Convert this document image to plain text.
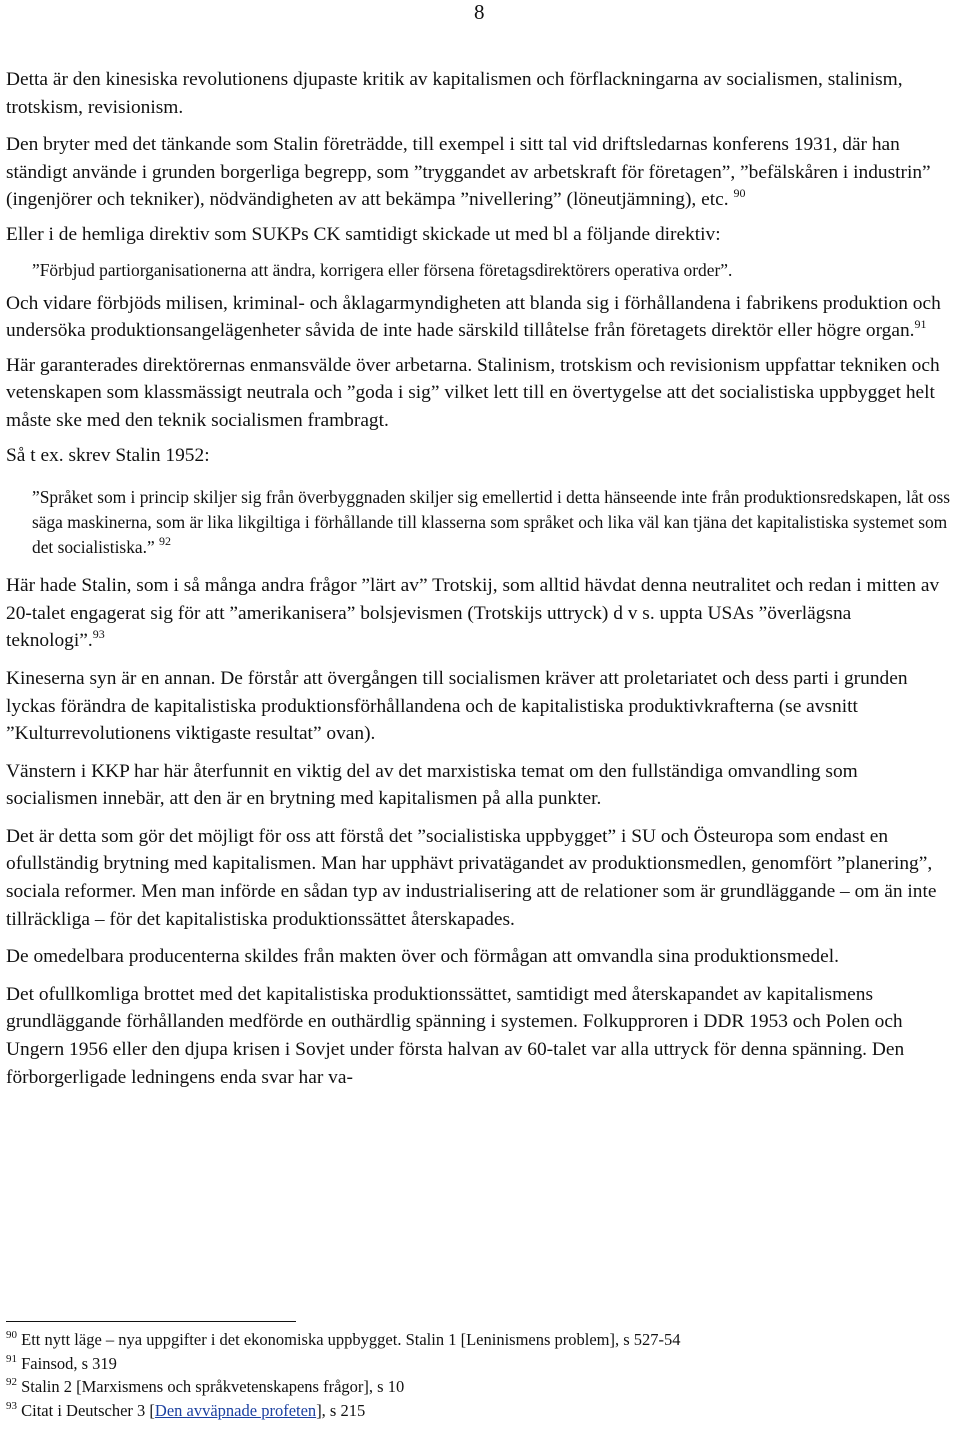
8

Detta är den kinesiska revolutionens djupaste kritik av kapitalismen och förflackningarna av socialismen, stalinism, trotskism, revisionism.

Den bryter med det tänkande som Stalin företrädde, till exempel i sitt tal vid driftsledarnas konferens 1931, där han ständigt använde i grunden borgerliga begrepp, som ”tryggandet av arbetskraft för företagen”, ”befälskåren i industrin” (ingenjörer och tekniker), nödvändigheten av att bekämpa ”nivellering” (löneutjämning), etc. $^{90}$

Eller i de hemliga direktiv som SUKPs CK samtidigt skickade ut med bl a följande direktiv:

”Förbjud partiorganisationerna att ändra, korrigera eller försena företagsdirektörers operativa order”.

Och vidare förbjöds milisen, kriminal- och åklagarmyndigheten att blanda sig i förhållandena i fabrikens produktion och undersöka produktionsangelägenheter såvida de inte hade särskild tillåtelse från företagets direktör eller högre organ.$^{91}$

Här garanterades direktörernas enmansvälde över arbetarna. Stalinism, trotskism och revisionism uppfattar tekniken och vetenskapen som klassmässigt neutrala och ”goda i sig” vilket lett till en övertygelse att det socialistiska uppbygget helt måste ske med den teknik socialismen frambragt.

Så t ex. skrev Stalin 1952:

”Språket som i princip skiljer sig från överbyggnaden skiljer sig emellertid i detta hänseende inte från produktionsredskapen, låt oss säga maskinerna, som är lika likgiltiga i förhållande till klasserna som språket och lika väl kan tjäna det kapitalistiska systemet som det socialistiska.” $^{92}$

Här hade Stalin, som i så många andra frågor ”lärt av” Trotskij, som alltid hävdat denna neutralitet och redan i mitten av 20-talet engagerat sig för att ”amerikanisera” bolsjevismen (Trotskijs uttryck) d v s. uppta USAs ”överlägsna teknologi”.$^{93}$

Kineserna syn är en annan. De förstår att övergången till socialismen kräver att proletariatet och dess parti i grunden lyckas förändra de kapitalistiska produktionsförhållandena och de kapitalistiska produktivkrafterna (se avsnitt ”Kulturrevolutionens viktigaste resultat” ovan).

Vänstern i KKP har här återfunnit en viktig del av det marxistiska temat om den fullständiga omvandling som socialismen innebär, att den är en brytning med kapitalismen på alla punkter.

Det är detta som gör det möjligt för oss att förstå det ”socialistiska uppbygget” i SU och Östeuropa som endast en ofullständig brytning med kapitalismen. Man har upphävt privatägandet av produktionsmedlen, genomfört ”planering”, sociala reformer. Men man införde en sådan typ av industrialisering att de relationer som är grundläggande – om än inte tillräckliga – för det kapitalistiska produktionssättet återskapades.

De omedelbara producenterna skildes från makten över och förmågan att omvandla sina produktionsmedel.

Det ofullkomliga brottet med det kapitalistiska produktionssättet, samtidigt med återskapandet av kapitalismens grundläggande förhållanden medförde en outhärdlig spänning i systemen. Folkupproren i DDR 1953 och Polen och Ungern 1956 eller den djupa krisen i Sovjet under första halvan av 60-talet var alla uttryck för denna spänning. Den förborgerligade ledningens enda svar har va-

$^{90}$ Ett nytt läge – nya uppgifter i det ekonomiska uppbygget. Stalin 1 [Leninismens problem], s 527-54
$^{91}$ Fainsod, s 319
$^{92}$ Stalin 2 [Marxismens och språkvetenskapens frågor], s 10
$^{93}$ Citat i Deutscher 3 [Den avväpnade profeten], s 215
